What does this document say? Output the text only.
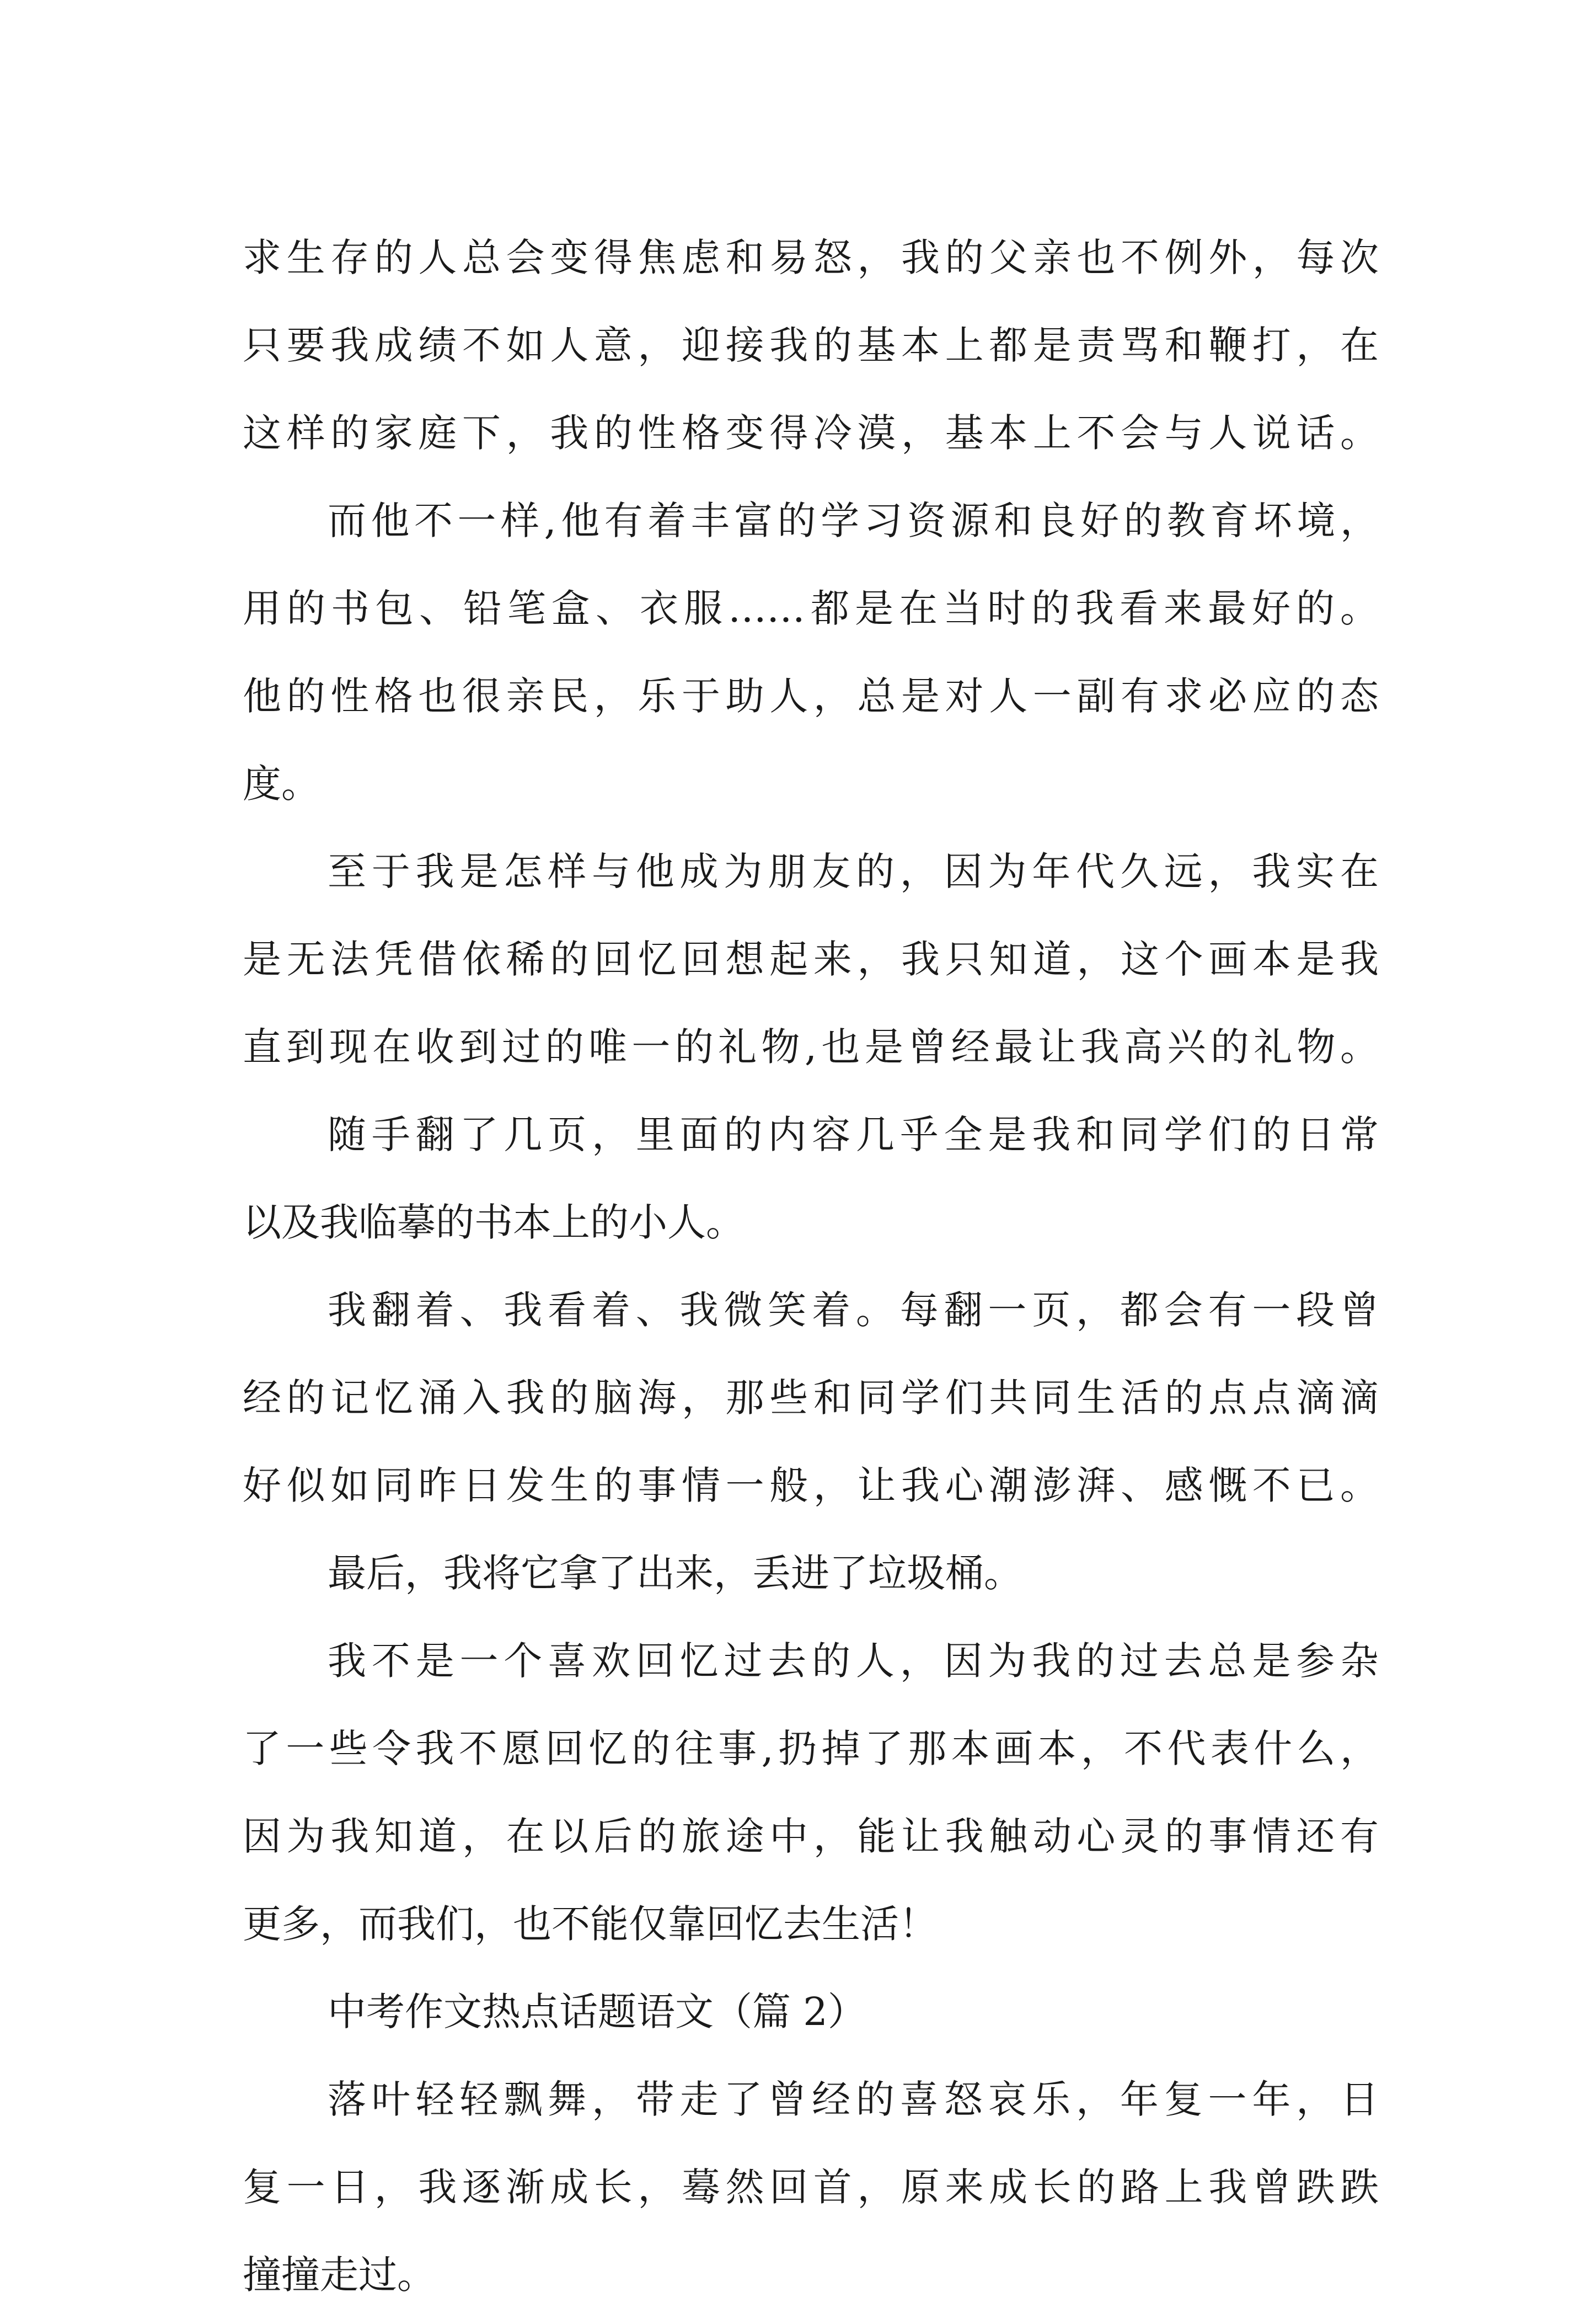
求生存的人总会变得焦虑和易怒，我的父亲也不例外，每次
只要我成绩不如人意，迎接我的基本上都是责骂和鞭打，在
这样的家庭下，我的性格变得冷漠，基本上不会与人说话。
而他不一样,他有着丰富的学习资源和良好的教育坏境，
用的书包、铅笔盒、衣服……都是在当时的我看来最好的。
他的性格也很亲民，乐于助人，总是对人一副有求必应的态
度。
至于我是怎样与他成为朋友的，因为年代久远，我实在
是无法凭借依稀的回忆回想起来，我只知道，这个画本是我
直到现在收到过的唯一的礼物,也是曾经最让我高兴的礼物。
随手翻了几页，里面的内容几乎全是我和同学们的日常
以及我临摹的书本上的小人。
我翻着、我看着、我微笑着。每翻一页，都会有一段曾
经的记忆涌入我的脑海，那些和同学们共同生活的点点滴滴
好似如同昨日发生的事情一般，让我心潮澎湃、感慨不已。
最后，我将它拿了出来，丢进了垃圾桶。
我不是一个喜欢回忆过去的人，因为我的过去总是参杂
了一些令我不愿回忆的往事,扔掉了那本画本，不代表什么，
因为我知道，在以后的旅途中，能让我触动心灵的事情还有
更多，而我们，也不能仅靠回忆去生活！
中考作文热点话题语文（篇 2）
落叶轻轻飘舞，带走了曾经的喜怒哀乐，年复一年，日
复一日，我逐渐成长，蓦然回首，原来成长的路上我曾跌跌
撞撞走过。
